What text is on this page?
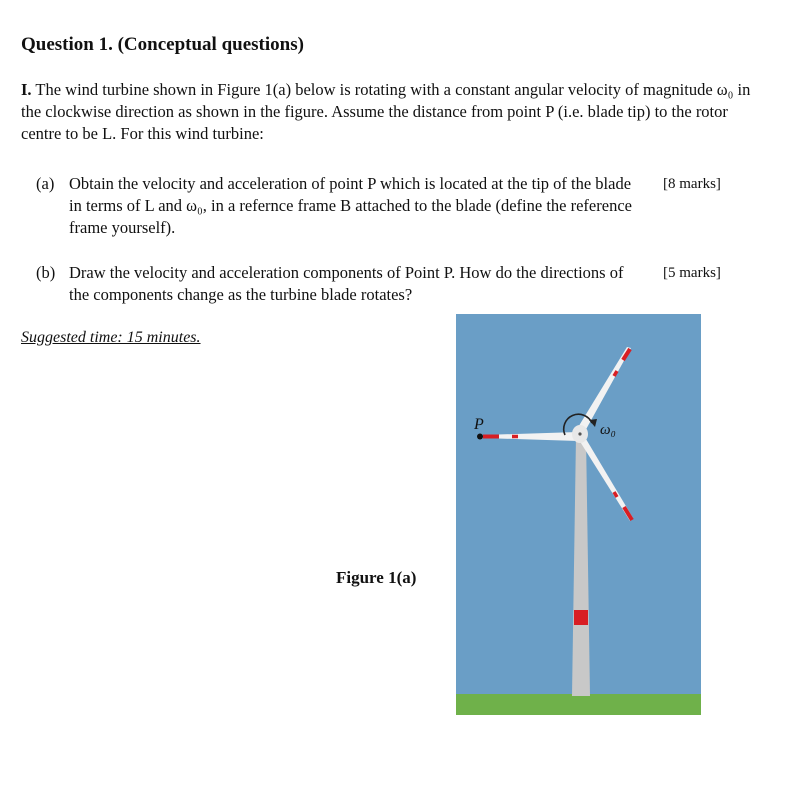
Question 1. (Conceptual questions)
I. The wind turbine shown in Figure 1(a) below is rotating with a constant angular velocity of magnitude ω₀ in the clockwise direction as shown in the figure. Assume the distance from point P (i.e. blade tip) to the rotor centre to be L. For this wind turbine:
(a) Obtain the velocity and acceleration of point P which is located at the tip of the blade in terms of L and ω₀, in a refernce frame B attached to the blade (define the reference frame yourself).
[8 marks]
(b) Draw the velocity and acceleration components of Point P. How do the directions of the components change as the turbine blade rotates?
[5 marks]
Suggested time: 15 minutes.
Figure 1(a)
P	ω₀
